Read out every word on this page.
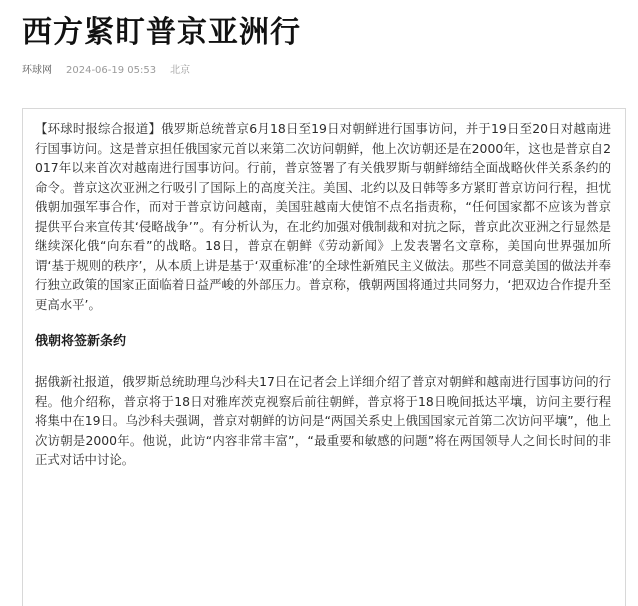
西方紧盯普京亚洲行
环球网 2024-06-19 05:53 北京

【环球时报综合报道】俄罗斯总统普京6月18日至19日对朝鲜进行国事访问，并于19日至20日对越南进行国事访问。这是普京担任俄国家元首以来第二次访问朝鲜，他上次访朝还是在2000年，这也是普京自2017年以来首次对越南进行国事访问。行前，普京签署了有关俄罗斯与朝鲜缔结全面战略伙伴关系条约的命令。普京这次亚洲之行吸引了国际上的高度关注。美国、北约以及日韩等多方紧盯普京访问行程，担忧俄朝加强军事合作，而对于普京访问越南，美国驻越南大使馆不点名指责称，“任何国家都不应该为普京提供平台来宣传其‘侵略战争’”。有分析认为，在北约加强对俄制裁和对抗之际，普京此次亚洲之行显然是继续深化俄“向东看”的战略。18日，普京在朝鲜《劳动新闻》上发表署名文章称，美国向世界强加所谓‘基于规则的秩序’，从本质上讲是基于‘双重标准’的全球性新殖民主义做法。那些不同意美国的做法并奉行独立政策的国家正面临着日益严峻的外部压力。普京称，俄朝两国将通过共同努力，‘把双边合作提升至更高水平’。

俄朝将签新条约

据俄新社报道，俄罗斯总统助理乌沙科夫17日在记者会上详细介绍了普京对朝鲜和越南进行国事访问的行程。他介绍称，普京将于18日对雅库茨克视察后前往朝鲜，普京将于18日晚间抵达平壤，访问主要行程将集中在19日。乌沙科夫强调，普京对朝鲜的访问是“两国关系史上俄国国家元首第二次访问平壤”，他上次访朝是2000年。他说，此访“内容非常丰富”，“最重要和敏感的问题”将在两国领导人之间长时间的非正式对话中讨论。
